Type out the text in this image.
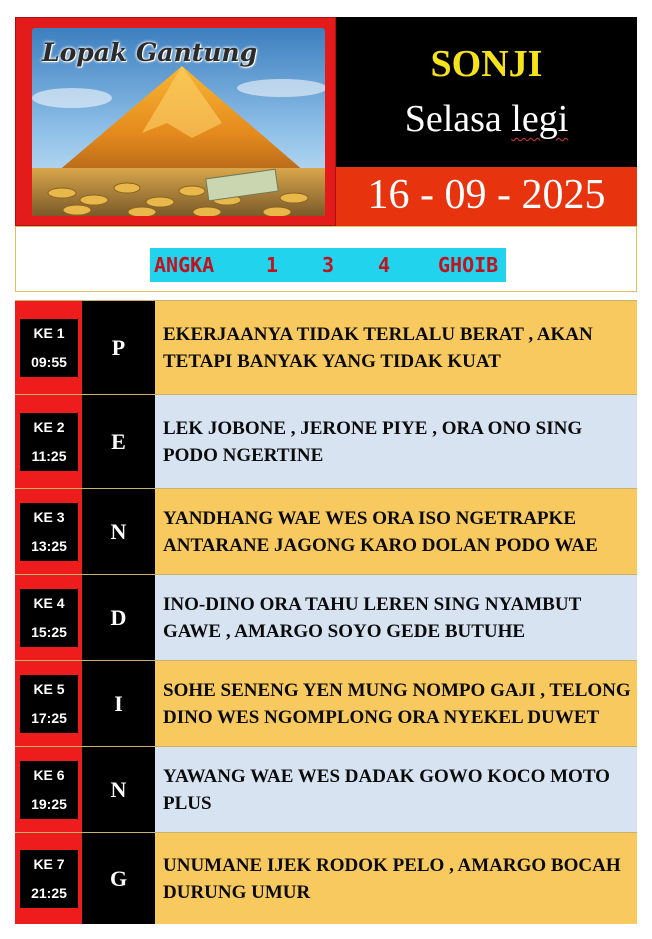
Lopak Gantung	SONJI
Selasa legi
16 - 09 - 2025
ANGKA	1 3 4 GHOIB
KE 1
09:55
P
EKERJAANYA TIDAK TERLALU BERAT , AKAN TETAPI BANYAK YANG TIDAK KUAT
KE 2
11:25
E
LEK JOBONE , JERONE PIYE , ORA ONO SING PODO NGERTINE
KE 3
13:25
N
YANDHANG WAE WES ORA ISO NGETRAPKE ANTARANE JAGONG KARO DOLAN PODO WAE
KE 4
15:25
D
INO-DINO ORA TAHU LEREN SING NYAMBUT GAWE , AMARGO SOYO GEDE BUTUHE
KE 5
17:25
I
SOHE SENENG YEN MUNG NOMPO GAJI , TELONG DINO WES NGOMPLONG ORA NYEKEL DUWET
KE 6
19:25
N
YAWANG WAE WES DADAK GOWO KOCO MOTO PLUS
KE 7
21:25
G
UNUMANE IJEK RODOK PELO , AMARGO BOCAH DURUNG UMUR
